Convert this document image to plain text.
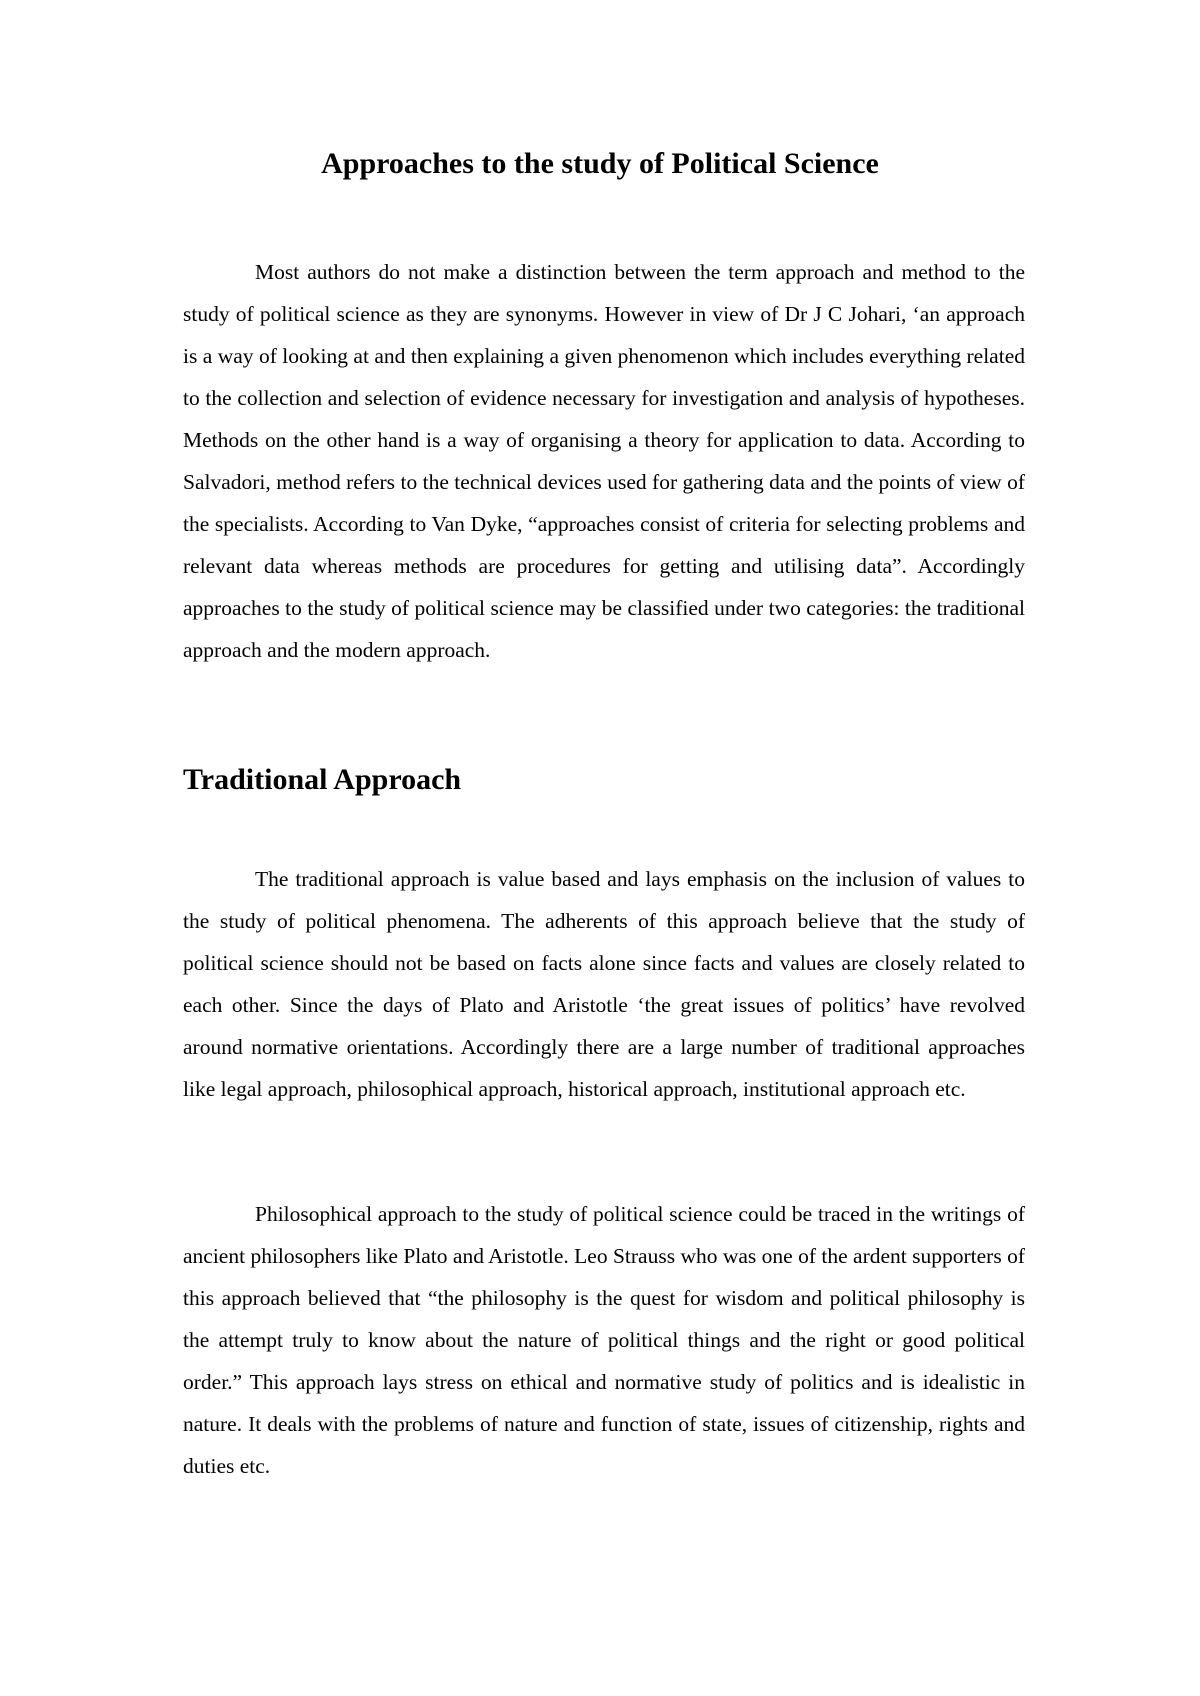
Approaches to the study of Political Science

Most authors do not make a distinction between the term approach and method to the study of political science as they are synonyms. However in view of Dr J C Johari, ‘an approach is a way of looking at and then explaining a given phenomenon which includes everything related to the collection and selection of evidence necessary for investigation and analysis of hypotheses. Methods on the other hand is a way of organising a theory for application to data. According to Salvadori, method refers to the technical devices used for gathering data and the points of view of the specialists. According to Van Dyke, “approaches consist of criteria for selecting problems and relevant data whereas methods are procedures for getting and utilising data”. Accordingly approaches to the study of political science may be classified under two categories: the traditional approach and the modern approach.

Traditional Approach

The traditional approach is value based and lays emphasis on the inclusion of values to the study of political phenomena. The adherents of this approach believe that the study of political science should not be based on facts alone since facts and values are closely related to each other. Since the days of Plato and Aristotle ‘the great issues of politics’ have revolved around normative orientations. Accordingly there are a large number of traditional approaches like legal approach, philosophical approach, historical approach, institutional approach etc.

Philosophical approach to the study of political science could be traced in the writings of ancient philosophers like Plato and Aristotle. Leo Strauss who was one of the ardent supporters of this approach believed that “the philosophy is the quest for wisdom and political philosophy is the attempt truly to know about the nature of political things and the right or good political order.” This approach lays stress on ethical and normative study of politics and is idealistic in nature. It deals with the problems of nature and function of state, issues of citizenship, rights and duties etc.
